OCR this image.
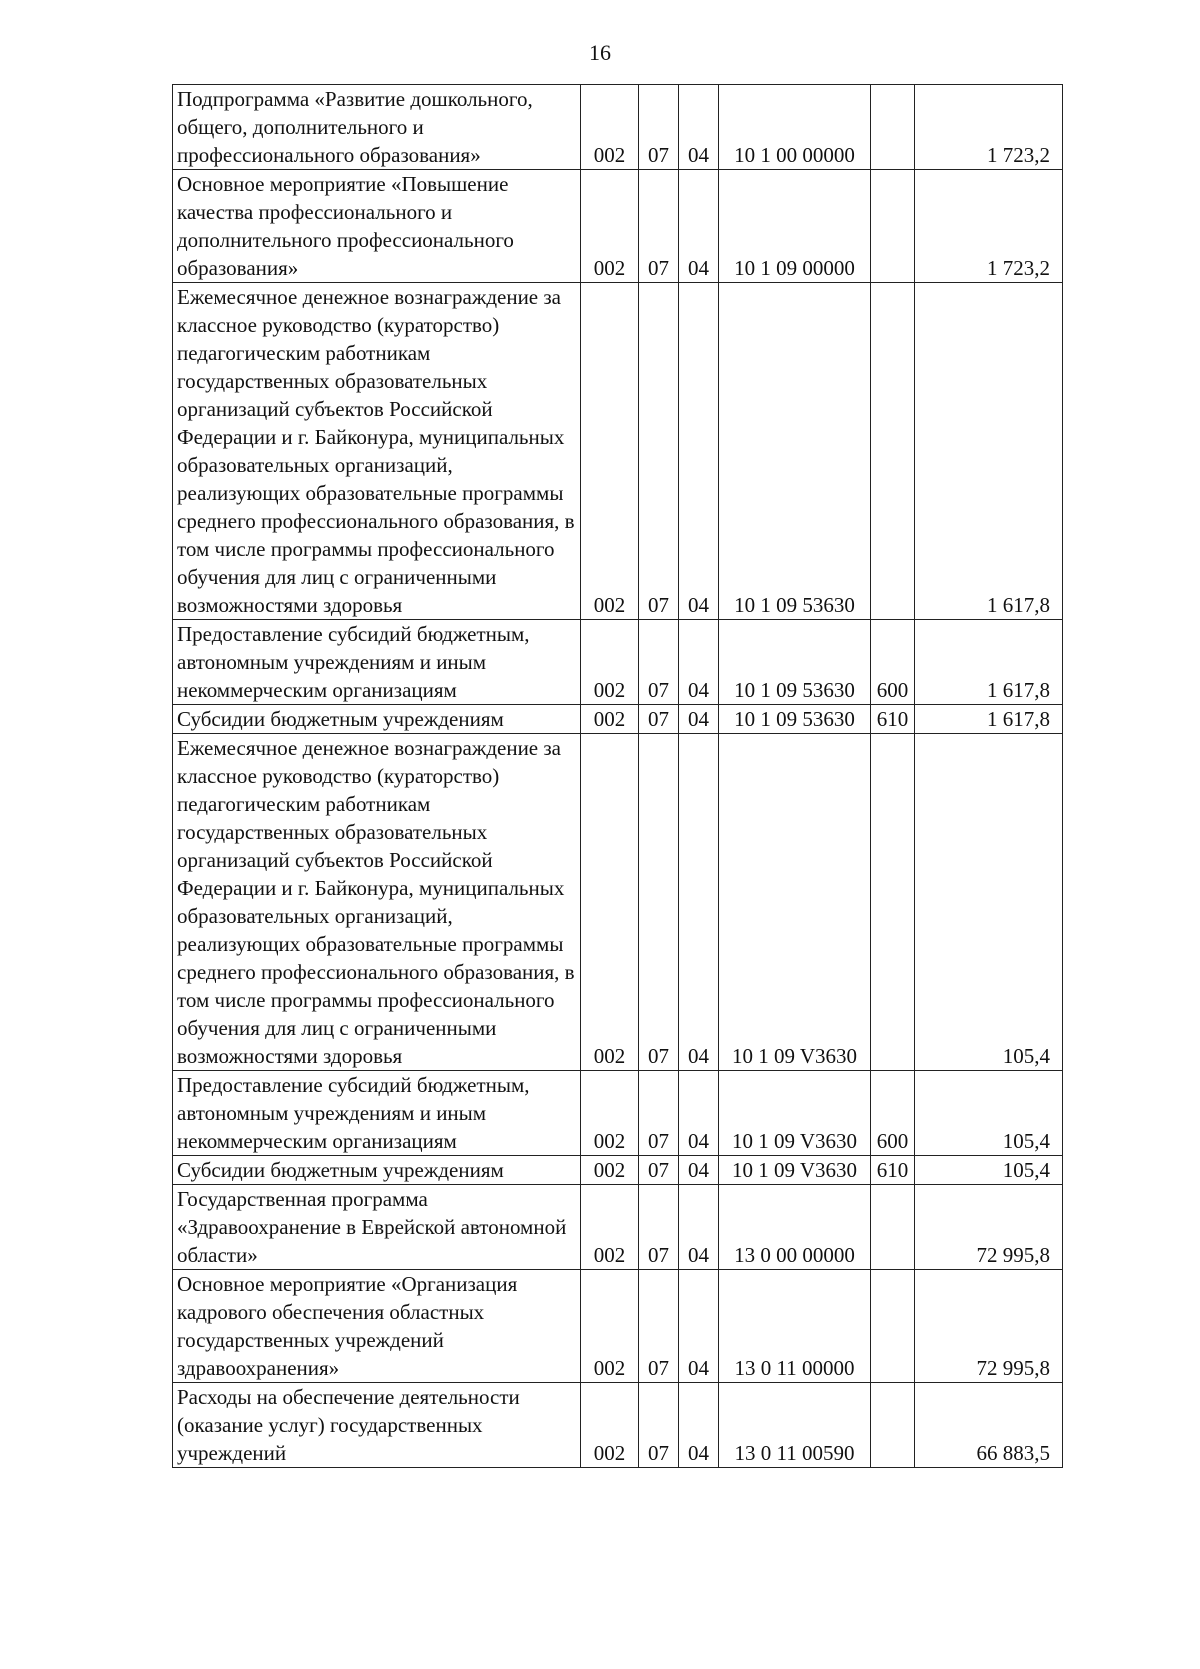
16
Подпрограмма «Развитие дошкольного, общего, дополнительного и профессионального образования»	002	07	04	10 1 00 00000		1 723,2
Основное мероприятие «Повышение качества профессионального и дополнительного профессионального образования»	002	07	04	10 1 09 00000		1 723,2
Ежемесячное денежное вознаграждение за классное руководство (кураторство) педагогическим работникам государственных образовательных организаций субъектов Российской Федерации и г. Байконура, муниципальных образовательных организаций, реализующих образовательные программы среднего профессионального образования, в том числе программы профессионального обучения для лиц с ограниченными возможностями здоровья	002	07	04	10 1 09 53630		1 617,8
Предоставление субсидий бюджетным, автономным учреждениям и иным некоммерческим организациям	002	07	04	10 1 09 53630	600	1 617,8
Субсидии бюджетным учреждениям	002	07	04	10 1 09 53630	610	1 617,8
Ежемесячное денежное вознаграждение за классное руководство (кураторство) педагогическим работникам государственных образовательных организаций субъектов Российской Федерации и г. Байконура, муниципальных образовательных организаций, реализующих образовательные программы среднего профессионального образования, в том числе программы профессионального обучения для лиц с ограниченными возможностями здоровья	002	07	04	10 1 09 V3630		105,4
Предоставление субсидий бюджетным, автономным учреждениям и иным некоммерческим организациям	002	07	04	10 1 09 V3630	600	105,4
Субсидии бюджетным учреждениям	002	07	04	10 1 09 V3630	610	105,4
Государственная программа «Здравоохранение в Еврейской автономной области»	002	07	04	13 0 00 00000		72 995,8
Основное мероприятие «Организация кадрового обеспечения областных государственных учреждений здравоохранения»	002	07	04	13 0 11 00000		72 995,8
Расходы на обеспечение деятельности (оказание услуг) государственных учреждений	002	07	04	13 0 11 00590		66 883,5
